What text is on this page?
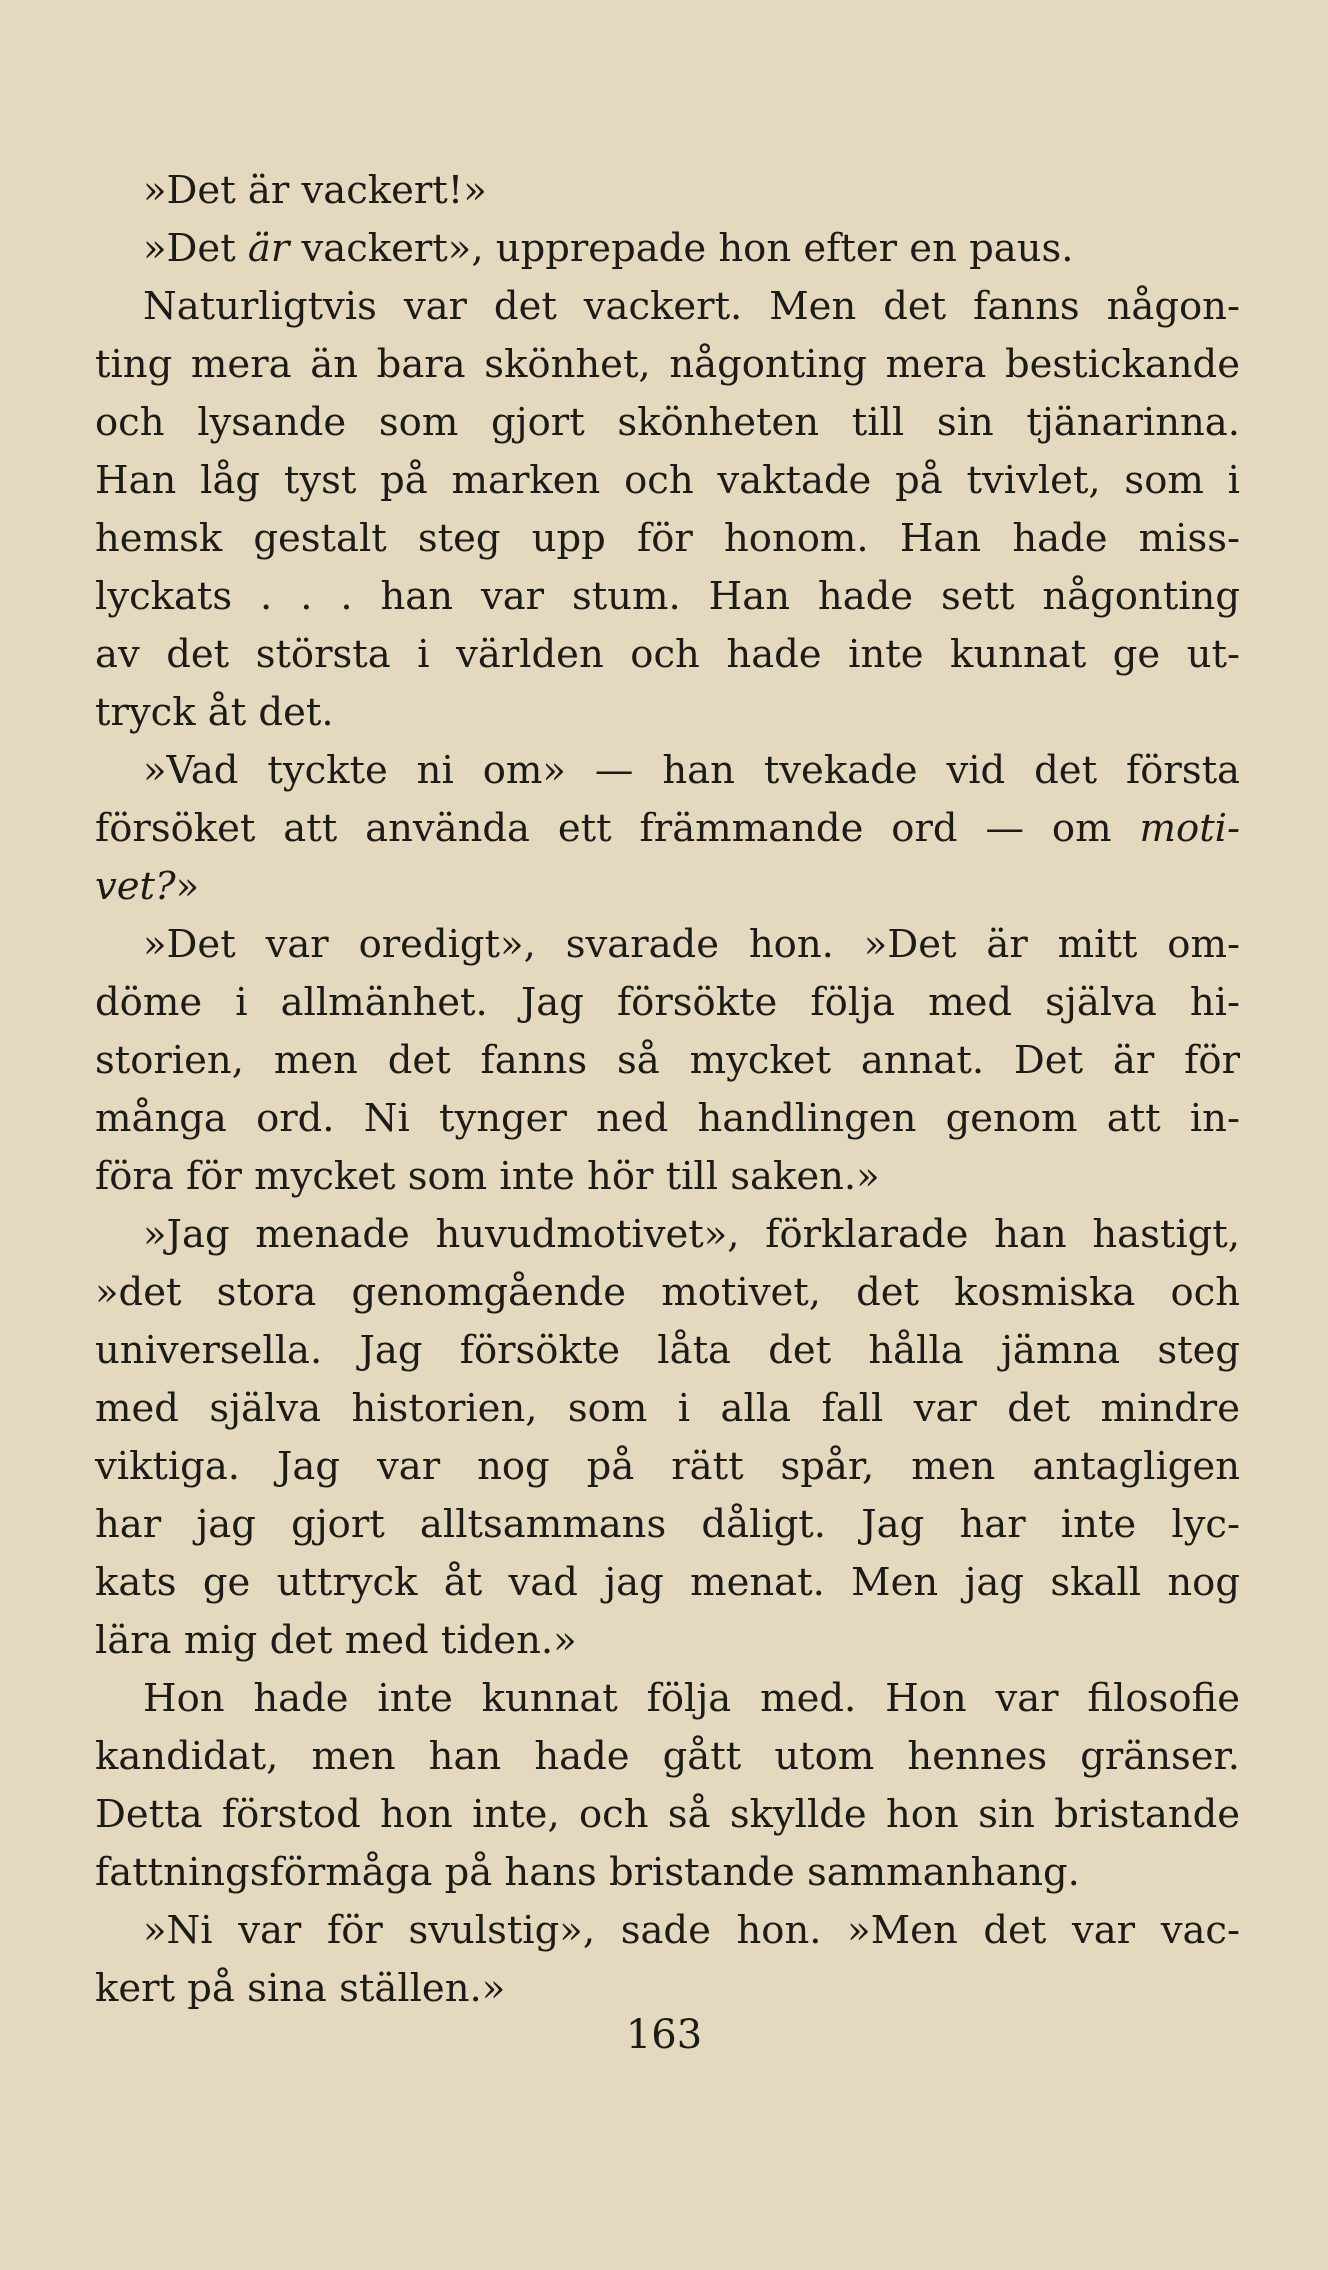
»Det är vackert!»
»Det är vackert», upprepade hon efter en paus.
Naturligtvis var det vackert. Men det fanns någon-
ting mera än bara skönhet, någonting mera bestickande
och lysande som gjort skönheten till sin tjänarinna.
Han låg tyst på marken och vaktade på tvivlet, som i
hemsk gestalt steg upp för honom. Han hade miss-
lyckats . . . han var stum. Han hade sett någonting
av det största i världen och hade inte kunnat ge ut-
tryck åt det.
»Vad tyckte ni om» — han tvekade vid det första
försöket att använda ett främmande ord — om moti-
vet?»
»Det var oredigt», svarade hon. »Det är mitt om-
döme i allmänhet. Jag försökte följa med själva hi-
storien, men det fanns så mycket annat. Det är för
många ord. Ni tynger ned handlingen genom att in-
föra för mycket som inte hör till saken.»
»Jag menade huvudmotivet», förklarade han hastigt,
»det stora genomgående motivet, det kosmiska och
universella. Jag försökte låta det hålla jämna steg
med själva historien, som i alla fall var det mindre
viktiga. Jag var nog på rätt spår, men antagligen
har jag gjort alltsammans dåligt. Jag har inte lyc-
kats ge uttryck åt vad jag menat. Men jag skall nog
lära mig det med tiden.»
Hon hade inte kunnat följa med. Hon var filosofie
kandidat, men han hade gått utom hennes gränser.
Detta förstod hon inte, och så skyllde hon sin bristande
fattningsförmåga på hans bristande sammanhang.
»Ni var för svulstig», sade hon. »Men det var vac-
kert på sina ställen.»
163
